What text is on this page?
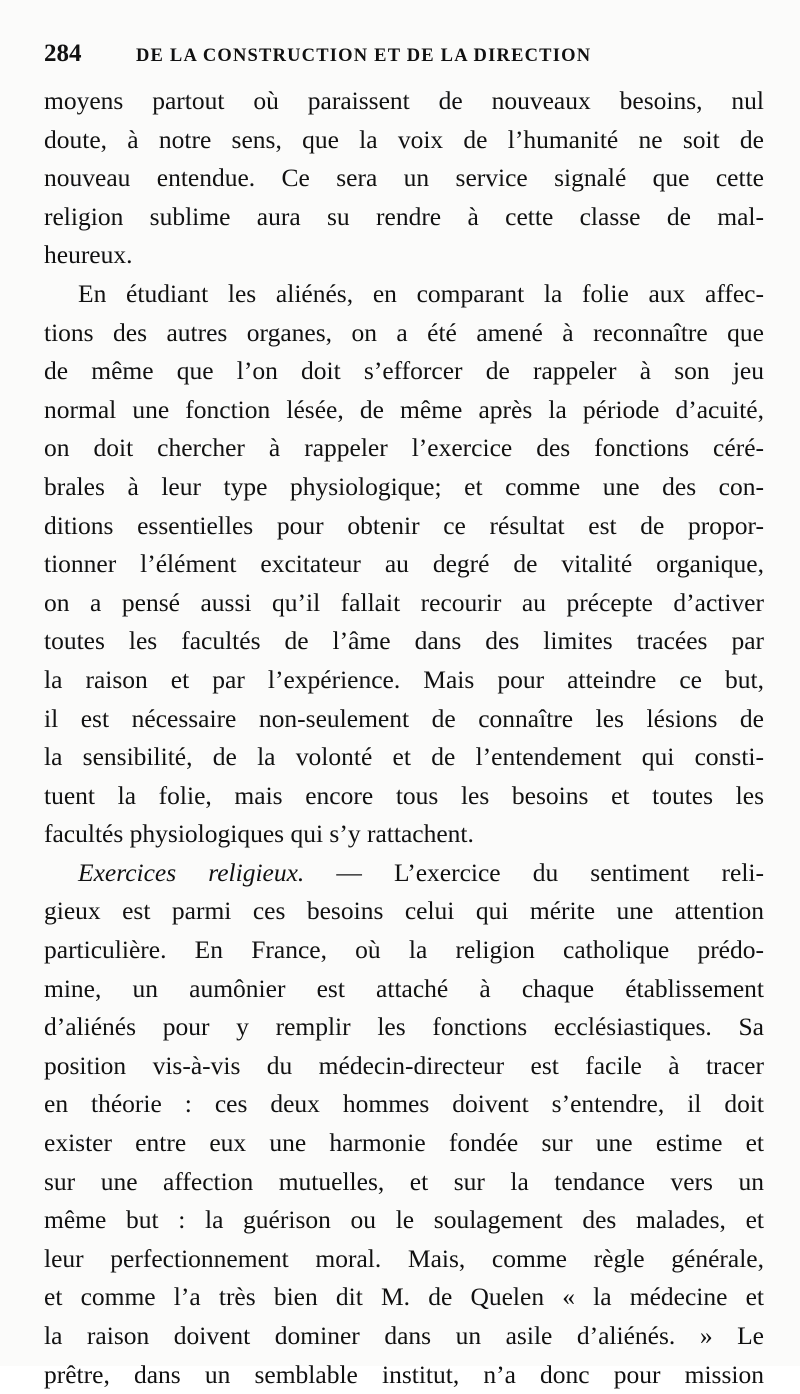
284	DE LA CONSTRUCTION ET DE LA DIRECTION
moyens partout où paraissent de nouveaux besoins, nul
doute, à notre sens, que la voix de l’humanité ne soit de
nouveau entendue. Ce sera un service signalé que cette
religion sublime aura su rendre à cette classe de mal-
heureux.
En étudiant les aliénés, en comparant la folie aux affec-
tions des autres organes, on a été amené à reconnaître que
de même que l’on doit s’efforcer de rappeler à son jeu
normal une fonction lésée, de même après la période d’acuité,
on doit chercher à rappeler l’exercice des fonctions céré-
brales à leur type physiologique; et comme une des con-
ditions essentielles pour obtenir ce résultat est de propor-
tionner l’élément excitateur au degré de vitalité organique,
on a pensé aussi qu’il fallait recourir au précepte d’activer
toutes les facultés de l’âme dans des limites tracées par
la raison et par l’expérience. Mais pour atteindre ce but,
il est nécessaire non-seulement de connaître les lésions de
la sensibilité, de la volonté et de l’entendement qui consti-
tuent la folie, mais encore tous les besoins et toutes les
facultés physiologiques qui s’y rattachent.
Exercices religieux. — L’exercice du sentiment reli-
gieux est parmi ces besoins celui qui mérite une attention
particulière. En France, où la religion catholique prédo-
mine, un aumônier est attaché à chaque établissement
d’aliénés pour y remplir les fonctions ecclésiastiques. Sa
position vis-à-vis du médecin-directeur est facile à tracer
en théorie : ces deux hommes doivent s’entendre, il doit
exister entre eux une harmonie fondée sur une estime et
sur une affection mutuelles, et sur la tendance vers un
même but : la guérison ou le soulagement des malades, et
leur perfectionnement moral. Mais, comme règle générale,
et comme l’a très bien dit M. de Quelen « la médecine et
la raison doivent dominer dans un asile d’aliénés. » Le
prêtre, dans un semblable institut, n’a donc pour mission
